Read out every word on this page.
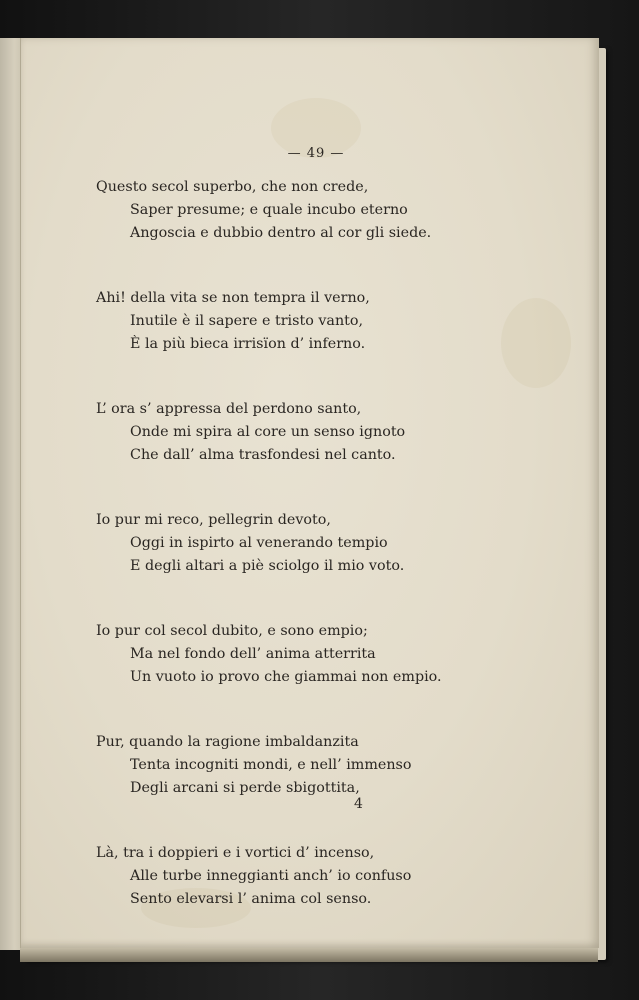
— 49 —
Questo secol superbo, che non crede,
Saper presume; e quale incubo eterno
Angoscia e dubbio dentro al cor gli siede.
Ahi! della vita se non tempra il verno,
Inutile è il sapere e tristo vanto,
È la più bieca irrisïon d’ inferno.
L’ ora s’ appressa del perdono santo,
Onde mi spira al core un senso ignoto
Che dall’ alma trasfondesi nel canto.
Io pur mi reco, pellegrin devoto,
Oggi in ispirto al venerando tempio
E degli altari a piè sciolgo il mio voto.
Io pur col secol dubito, e sono empio;
Ma nel fondo dell’ anima atterrita
Un vuoto io provo che giammai non empio.
Pur, quando la ragione imbaldanzita
Tenta incogniti mondi, e nell’ immenso
Degli arcani si perde sbigottita,
Là, tra i doppieri e i vortici d’ incenso,
Alle turbe inneggianti anch’ io confuso
Sento elevarsi l’ anima col senso.
4
